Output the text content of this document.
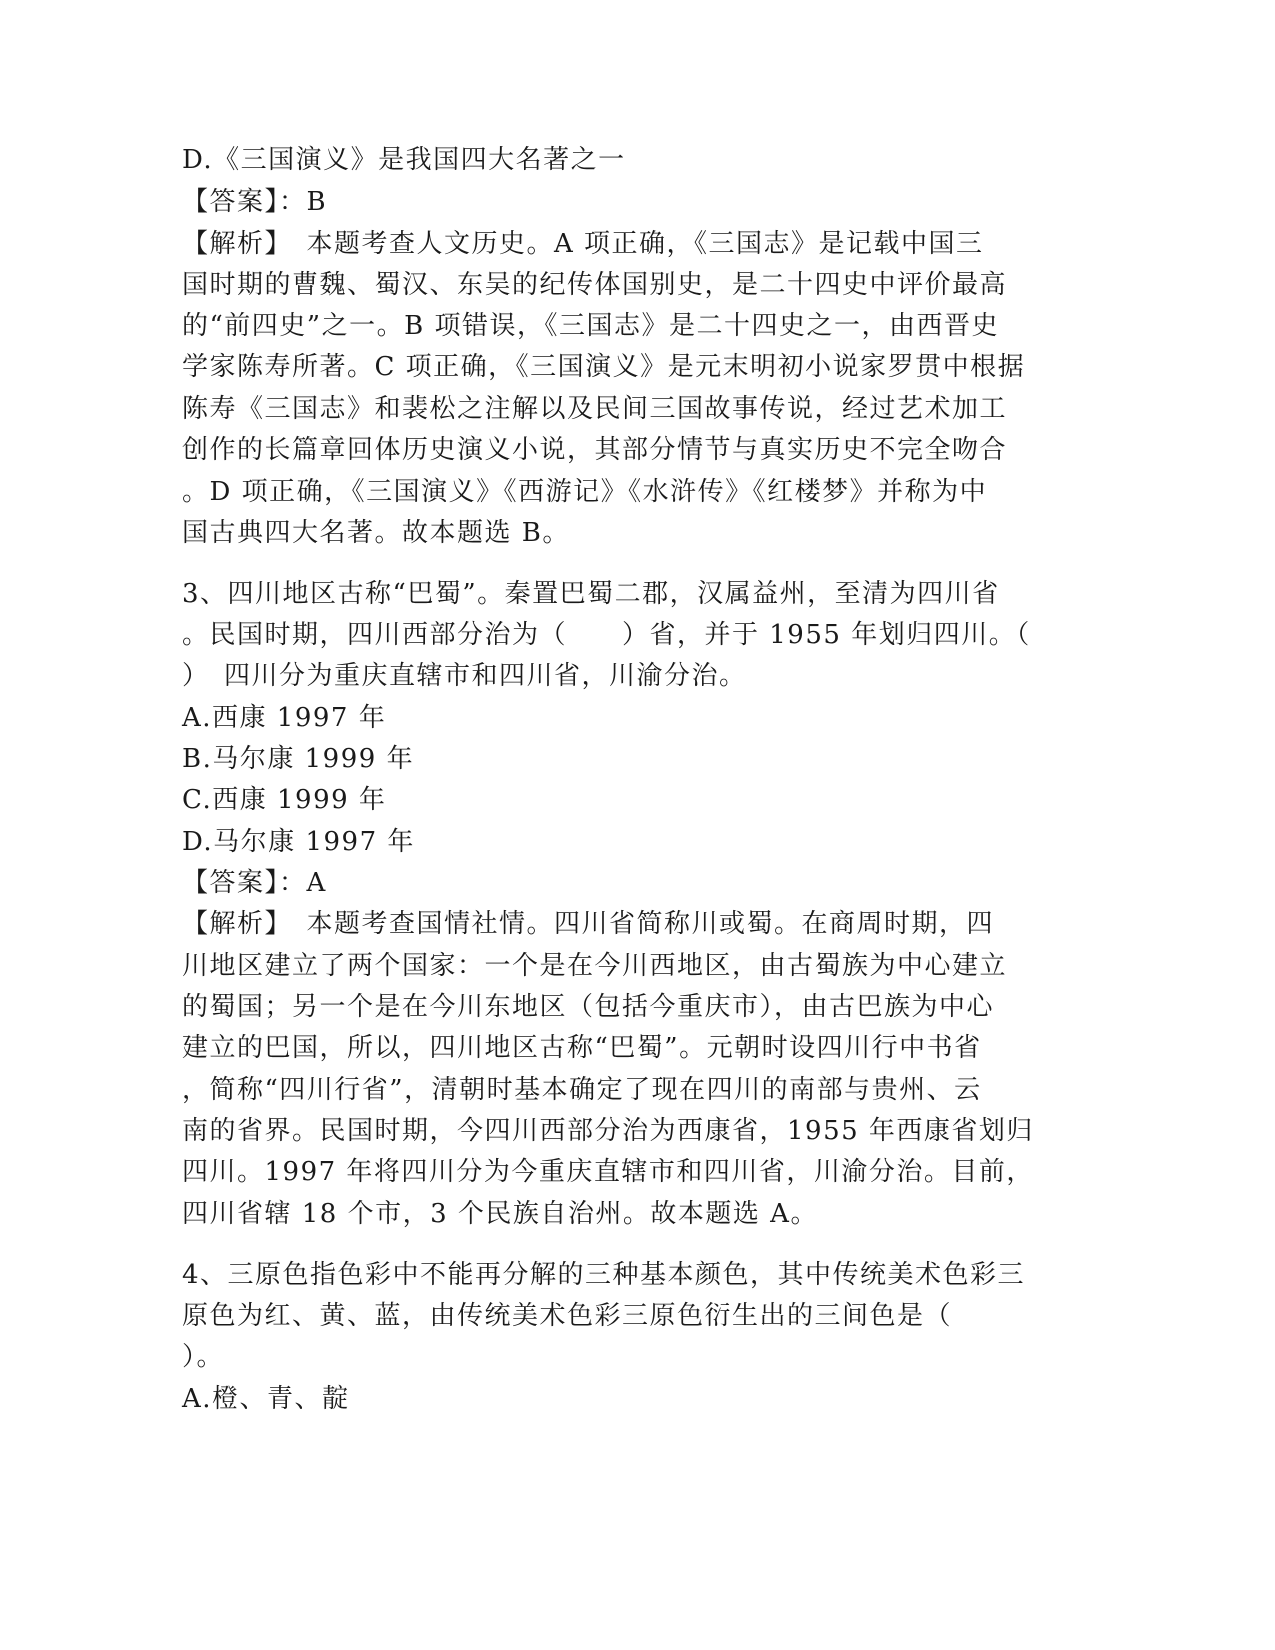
D.《三国演义》是我国四大名著之一
【答案】：B
【解析】　本题考查人文历史。A 项正确，《三国志》是记载中国三
国时期的曹魏、蜀汉、东吴的纪传体国别史，是二十四史中评价最高
的“前四史”之一。B 项错误，《三国志》是二十四史之一，由西晋史
学家陈寿所著。C 项正确，《三国演义》是元末明初小说家罗贯中根据
陈寿《三国志》和裴松之注解以及民间三国故事传说，经过艺术加工
创作的长篇章回体历史演义小说，其部分情节与真实历史不完全吻合
。D 项正确，《三国演义》《西游记》《水浒传》《红楼梦》并称为中
国古典四大名著。故本题选 B。
3、四川地区古称“巴蜀”。秦置巴蜀二郡，汉属益州，至清为四川省
。民国时期，四川西部分治为（　　）省，并于 1955 年划归四川。（
）　四川分为重庆直辖市和四川省，川渝分治。
A.西康 1997 年
B.马尔康 1999 年
C.西康 1999 年
D.马尔康 1997 年
【答案】：A
【解析】　本题考查国情社情。四川省简称川或蜀。在商周时期，四
川地区建立了两个国家：一个是在今川西地区，由古蜀族为中心建立
的蜀国；另一个是在今川东地区（包括今重庆市），由古巴族为中心
建立的巴国，所以，四川地区古称“巴蜀”。元朝时设四川行中书省
，简称“四川行省”，清朝时基本确定了现在四川的南部与贵州、云
南的省界。民国时期，今四川西部分治为西康省，1955 年西康省划归
四川。1997 年将四川分为今重庆直辖市和四川省，川渝分治。目前，
四川省辖 18 个市，3 个民族自治州。故本题选 A。
4、三原色指色彩中不能再分解的三种基本颜色，其中传统美术色彩三
原色为红、黄、蓝，由传统美术色彩三原色衍生出的三间色是（
）。
A.橙、青、靛
